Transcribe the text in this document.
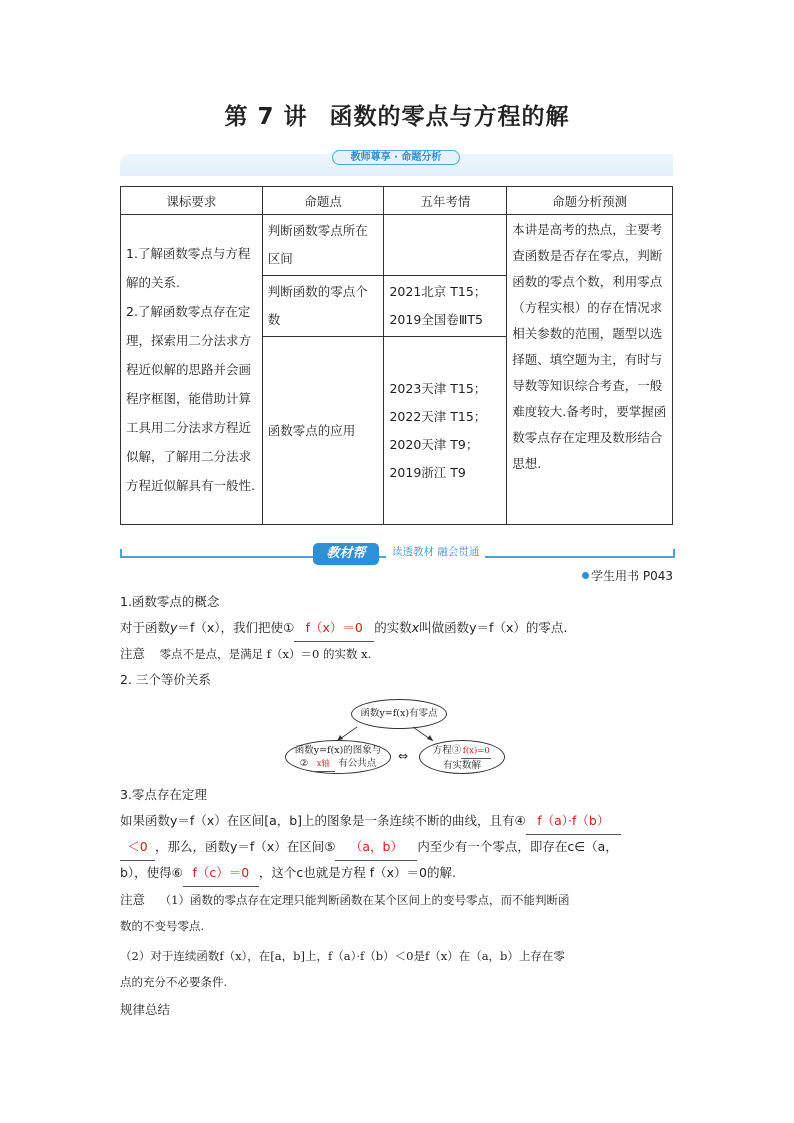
第 7 讲 函数的零点与方程的解
教师尊享 · 命题分析
课标要求	命题点	五年考情	命题分析预测
1.了解函数零点与方程解的关系.
2.了解函数零点存在定理，探索用二分法求方程近似解的思路并会画程序框图，能借助计算工具用二分法求方程近似解，了解用二分法求方程近似解具有一般性.	判断函数零点所在区间		本讲是高考的热点，主要考查函数是否存在零点，判断函数的零点个数，利用零点（方程实根）的存在情况求相关参数的范围，题型以选择题、填空题为主，有时与导数等知识综合考查，一般难度较大.备考时，要掌握函数零点存在定理及数形结合思想.
	判断函数的零点个数	2021北京 T15；
2019全国卷ⅢT5	
	函数零点的应用	2023天津 T15；
2022天津 T15；
2020天津 T9；
2019浙江 T9	
教材帮	读透教材 融会贯通
学生用书 P043
1.函数零点的概念
对于函数y＝f（x），我们把使① f（x）＝0 的实数x叫做函数y＝f（x）的零点.
注意 零点不是点，是满足 f（x）＝0 的实数 x.
2. 三个等价关系
函数y=f(x)有零点
函数y=f(x)的图象与
② x轴 有公共点
⇔	方程③f(x)=0
有实数解
3.零点存在定理
如果函数y＝f（x）在区间[a，b]上的图象是一条连续不断的曲线，且有④ f（a）·f（b）
＜0 ，那么，函数y＝f（x）在区间⑤ （a，b） 内至少有一个零点，即存在c∈（a，
b），使得⑥ f（c）＝0 ，这个c也就是方程 f（x）＝0的解.
注意 （1）函数的零点存在定理只能判断函数在某个区间上的变号零点，而不能判断函
数的不变号零点.
（2）对于连续函数f（x），在[a，b]上，f（a）·f（b）＜0是f（x）在（a，b）上存在零
点的充分不必要条件.
规律总结
